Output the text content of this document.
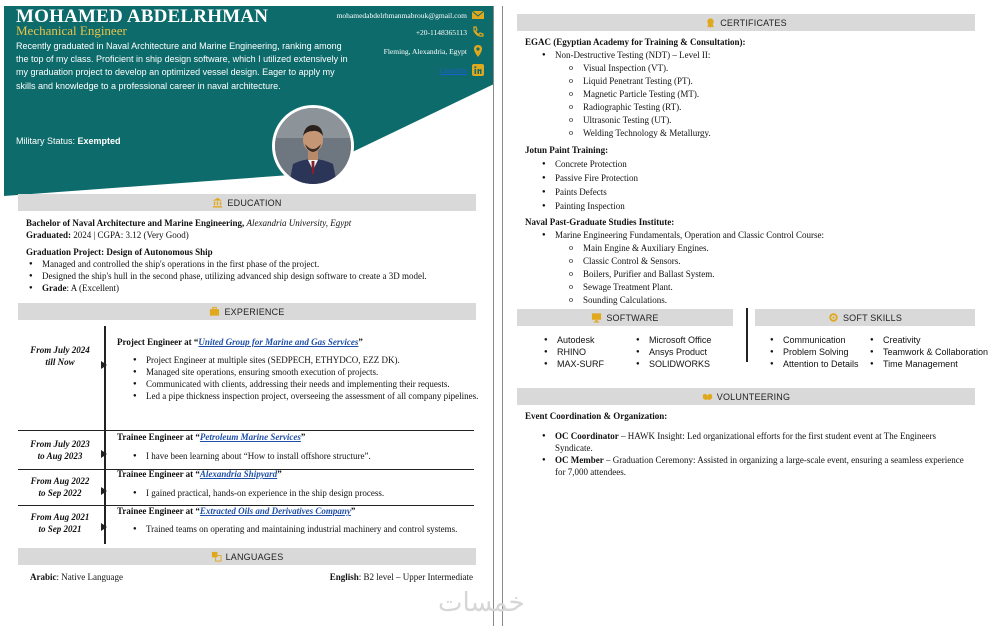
MOHAMED ABDELRHMAN
Mechanical Engineer
Recently graduated in Naval Architecture and Marine Engineering, ranking among the top of my class. Proficient in ship design software, which I utilized extensively in my graduation project to develop an optimized vessel design. Eager to apply my skills and knowledge to a professional career in naval architecture.
Military Status: Exempted
mohamedabdelrhmanmabrouk@gmail.com
+20-1148365113
Fleming, Alexandria, Egypt
LinkedIn
EDUCATION
Bachelor of Naval Architecture and Marine Engineering, Alexandria University, Egypt
Graduated: 2024 | CGPA: 3.12 (Very Good)
Graduation Project: Design of Autonomous Ship
● Managed and controlled the ship's operations in the first phase of the project.
● Designed the ship's hull in the second phase, utilizing advanced ship design software to create a 3D model.
● Grade: A (Excellent)
EXPERIENCE
From July 2024
till Now
Project Engineer at “United Group for Marine and Gas Services”
● Project Engineer at multiple sites (SEDPECH, ETHYDCO, EZZ DK).
● Managed site operations, ensuring smooth execution of projects.
● Communicated with clients, addressing their needs and implementing their requests.
● Led a pipe thickness inspection project, overseeing the assessment of all company pipelines.
From July 2023
to Aug 2023
Trainee Engineer at “Petroleum Marine Services”
● I have been learning about “How to install offshore structure”.
From Aug 2022
to Sep 2022
Trainee Engineer at “Alexandria Shipyard”
● I gained practical, hands-on experience in the ship design process.
From Aug 2021
to Sep 2021
Trainee Engineer at “Extracted Oils and Derivatives Company”
● Trained teams on operating and maintaining industrial machinery and control systems.
LANGUAGES
Arabic: Native Language	English: B2 level – Upper Intermediate
CERTIFICATES
EGAC (Egyptian Academy for Training & Consultation):
● Non-Destructive Testing (NDT) – Level II:
o Visual Inspection (VT).
o Liquid Penetrant Testing (PT).
o Magnetic Particle Testing (MT).
o Radiographic Testing (RT).
o Ultrasonic Testing (UT).
o Welding Technology & Metallurgy.
Jotun Paint Training:
● Concrete Protection
● Passive Fire Protection
● Paints Defects
● Painting Inspection
Naval Past-Graduate Studies Institute:
● Marine Engineering Fundamentals, Operation and Classic Control Course:
o Main Engine & Auxiliary Engines.
o Classic Control & Sensors.
o Boilers, Purifier and Ballast System.
o Sewage Treatment Plant.
o Sounding Calculations.
SOFTWARE
● Autodesk
● RHINO
● MAX-SURF
● Microsoft Office
● Ansys Product
● SOLIDWORKS
SOFT SKILLS
● Communication
● Problem Solving
● Attention to Details
● Creativity
● Teamwork & Collaboration
● Time Management
VOLUNTEERING
Event Coordination & Organization:
● OC Coordinator – HAWK Insight: Led organizational efforts for the first student event at The Engineers Syndicate.
● OC Member – Graduation Ceremony: Assisted in organizing a large-scale event, ensuring a seamless experience for 7,000 attendees.
خمسات
